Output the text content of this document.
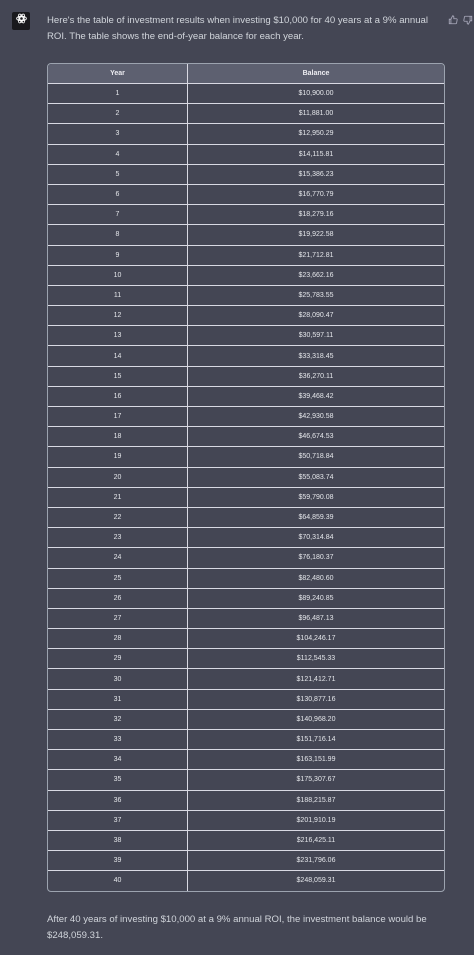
Here's the table of investment results when investing $10,000 for 40 years at a 9% annual ROI. The table shows the end-of-year balance for each year.

Year	Balance
1	$10,900.00
2	$11,881.00
3	$12,950.29
4	$14,115.81
5	$15,386.23
6	$16,770.79
7	$18,279.16
8	$19,922.58
9	$21,712.81
10	$23,662.16
11	$25,783.55
12	$28,090.47
13	$30,597.11
14	$33,318.45
15	$36,270.11
16	$39,468.42
17	$42,930.58
18	$46,674.53
19	$50,718.84
20	$55,083.74
21	$59,790.08
22	$64,859.39
23	$70,314.84
24	$76,180.37
25	$82,480.60
26	$89,240.85
27	$96,487.13
28	$104,246.17
29	$112,545.33
30	$121,412.71
31	$130,877.16
32	$140,968.20
33	$151,716.14
34	$163,151.99
35	$175,307.67
36	$188,215.87
37	$201,910.19
38	$216,425.11
39	$231,796.06
40	$248,059.31

After 40 years of investing $10,000 at a 9% annual ROI, the investment balance would be $248,059.31.
